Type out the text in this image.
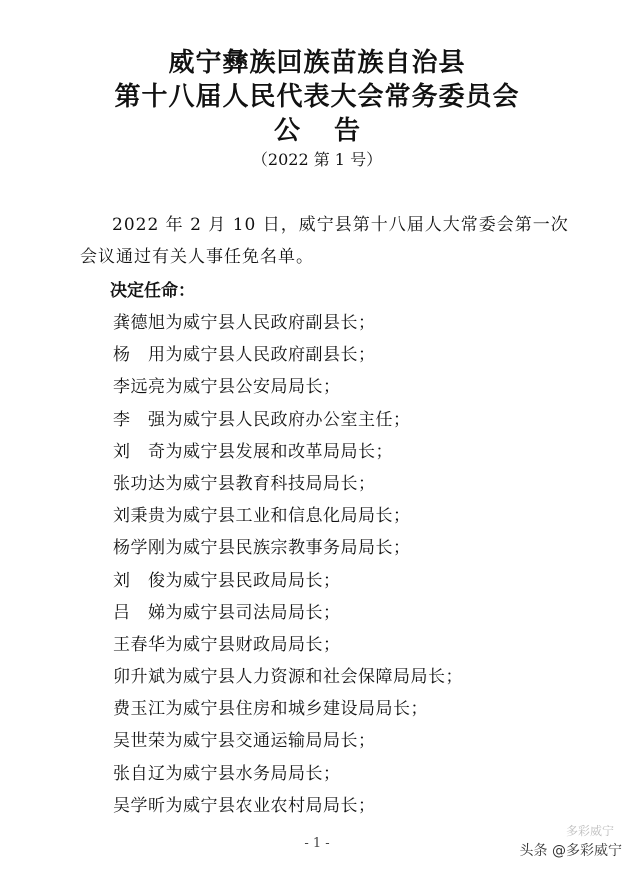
威宁彝族回族苗族自治县
第十八届人民代表大会常务委员会
公告
（2022 第 1 号）
2022 年 2 月 10 日，威宁县第十八届人大常委会第一次
会议通过有关人事任免名单。
决定任命：
龚德旭为威宁县人民政府副县长；
杨　用为威宁县人民政府副县长；
李远亮为威宁县公安局局长；
李　强为威宁县人民政府办公室主任；
刘　奇为威宁县发展和改革局局长；
张功达为威宁县教育科技局局长；
刘秉贵为威宁县工业和信息化局局长；
杨学刚为威宁县民族宗教事务局局长；
刘　俊为威宁县民政局局长；
吕　娣为威宁县司法局局长；
王春华为威宁县财政局局长；
卯升斌为威宁县人力资源和社会保障局局长；
费玉江为威宁县住房和城乡建设局局长；
吴世荣为威宁县交通运输局局长；
张自辽为威宁县水务局局长；
吴学昕为威宁县农业农村局局长；
- 1 -
多彩威宁
头条 @多彩威宁
